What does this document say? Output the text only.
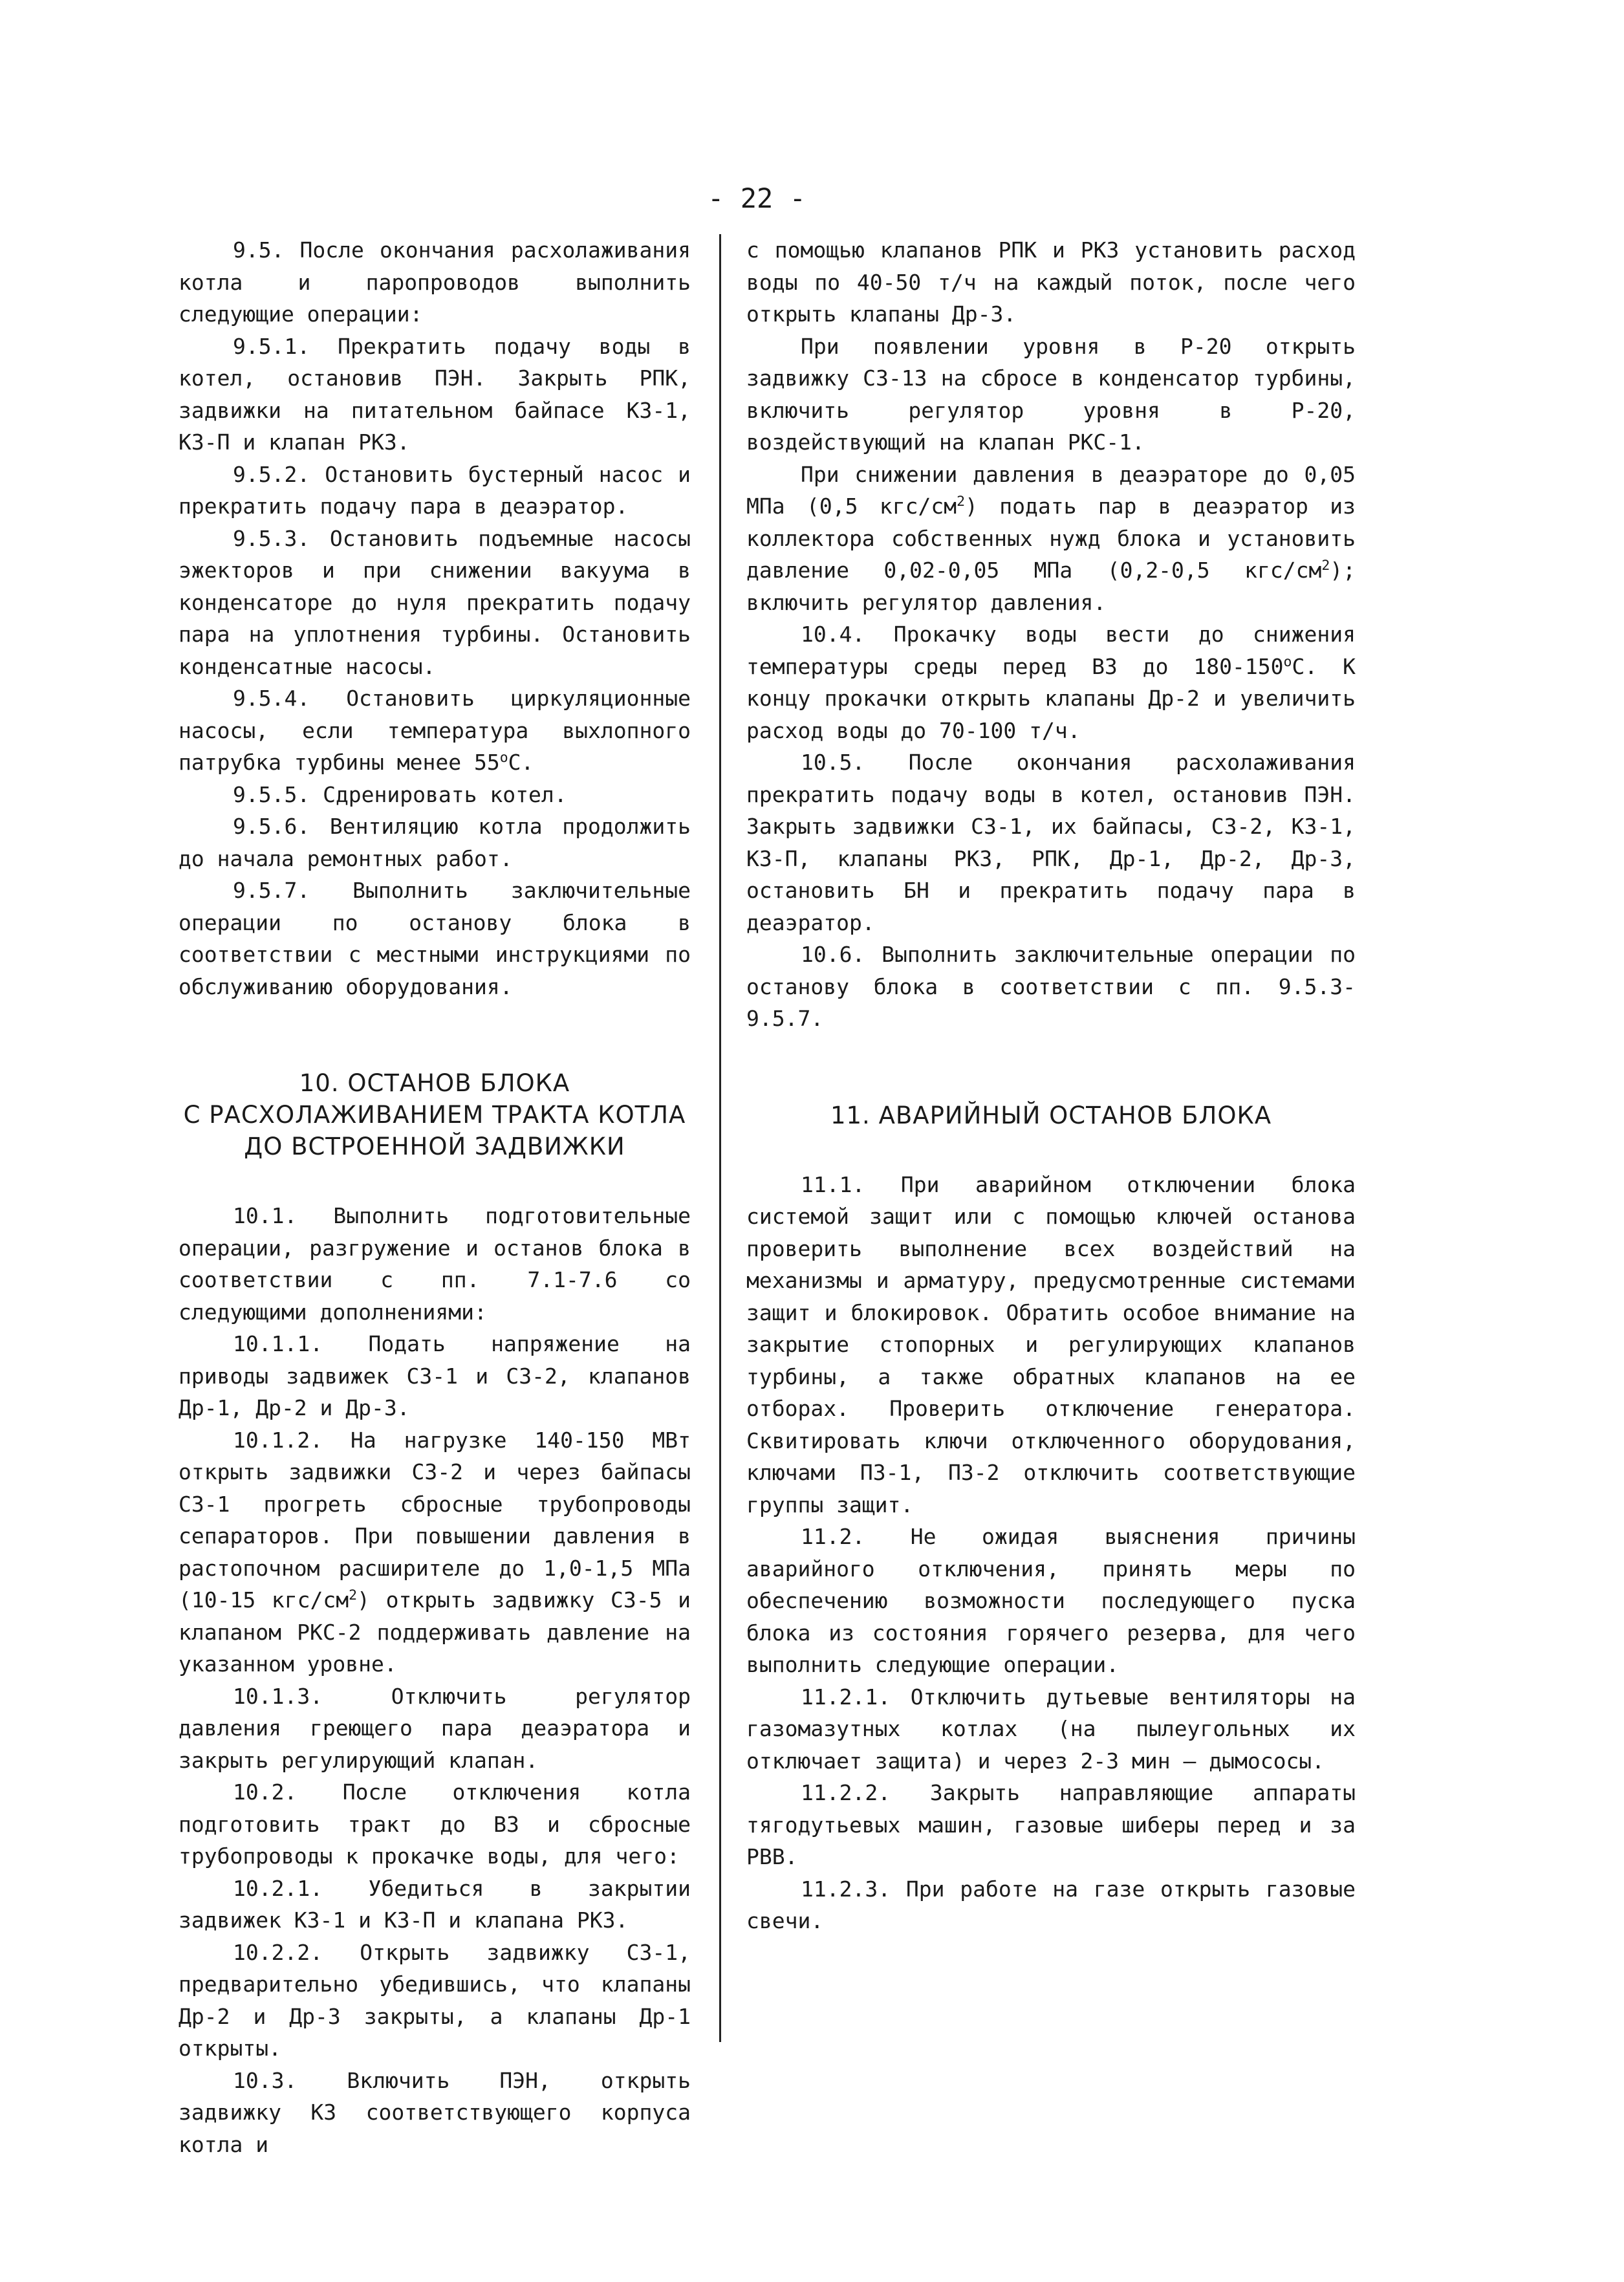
- 22 -

9.5. После окончания расхолаживания котла и паропроводов выполнить следующие операции:

9.5.1. Прекратить подачу воды в котел, остановив ПЭН. Закрыть РПК, задвижки на питательном байпасе КЗ-1, КЗ-П и клапан РКЗ.

9.5.2. Остановить бустерный насос и прекратить подачу пара в деаэратор.

9.5.3. Остановить подъемные насосы эжекторов и при снижении вакуума в конденсаторе до нуля прекратить подачу пара на уплотнения турбины. Остановить конденсатные насосы.

9.5.4. Остановить циркуляционные насосы, если температура выхлопного патрубка турбины менее $55^оС$.

9.5.5. Сдренировать котел.

9.5.6. Вентиляцию котла продолжить до начала ремонтных работ.

9.5.7. Выполнить заключительные операции по останову блока в соответствии с местными инструкциями по обслуживанию оборудования.

10. ОСТАНОВ БЛОКА
С РАСХОЛАЖИВАНИЕМ ТРАКТА КОТЛА
ДО ВСТРОЕННОЙ ЗАДВИЖКИ

10.1. Выполнить подготовительные операции, разгружение и останов блока в соответствии с пп. 7.1-7.6 со следующими дополнениями:

10.1.1. Подать напряжение на приводы задвижек СЗ-1 и СЗ-2, клапанов Др-1, Др-2 и Др-3.

10.1.2. На нагрузке 140-150 МВт открыть задвижки СЗ-2 и через байпасы СЗ-1 прогреть сбросные трубопроводы сепараторов. При повышении давления в растопочном расширителе до 1,0-1,5 МПа (10-15 кгс/$см^2$) открыть задвижку СЗ-5 и клапаном РКС-2 поддерживать давление на указанном уровне.

10.1.3. Отключить регулятор давления греющего пара деаэратора и закрыть регулирующий клапан.

10.2. После отключения котла подготовить тракт до ВЗ и сбросные трубопроводы к прокачке воды, для чего:

10.2.1. Убедиться в закрытии задвижек КЗ-1 и КЗ-П и клапана РКЗ.

10.2.2. Открыть задвижку СЗ-1, предварительно убедившись, что клапаны Др-2 и Др-3 закрыты, а клапаны Др-1 открыты.

10.3. Включить ПЭН, открыть задвижку КЗ соответствующего корпуса котла и

с помощью клапанов РПК и РКЗ установить расход воды по 40-50 т/ч на каждый поток, после чего открыть клапаны Др-3.

При появлении уровня в Р-20 открыть задвижку СЗ-13 на сбросе в конденсатор турбины, включить регулятор уровня в Р-20, воздействующий на клапан РКС-1.

При снижении давления в деаэраторе до 0,05 МПа (0,5 кгс/$см^2$) подать пар в деаэратор из коллектора собственных нужд блока и установить давление 0,02-0,05 МПа (0,2-0,5 кгс/$см^2$); включить регулятор давления.

10.4. Прокачку воды вести до снижения температуры среды перед ВЗ до $180-150^оС$. К концу прокачки открыть клапаны Др-2 и увеличить расход воды до 70-100 т/ч.

10.5. После окончания расхолаживания прекратить подачу воды в котел, остановив ПЭН. Закрыть задвижки СЗ-1, их байпасы, СЗ-2, КЗ-1, КЗ-П, клапаны РКЗ, РПК, Др-1, Др-2, Др-3, остановить БН и прекратить подачу пара в деаэратор.

10.6. Выполнить заключительные операции по останову блока в соответствии с пп. 9.5.3-9.5.7.

11. АВАРИЙНЫЙ ОСТАНОВ БЛОКА

11.1. При аварийном отключении блока системой защит или с помощью ключей останова проверить выполнение всех воздействий на механизмы и арматуру, предусмотренные системами защит и блокировок. Обратить особое внимание на закрытие стопорных и регулирующих клапанов турбины, а также обратных клапанов на ее отборах. Проверить отключение генератора. Сквитировать ключи отключенного оборудования, ключами ПЗ-1, ПЗ-2 отключить соответствующие группы защит.

11.2. Не ожидая выяснения причины аварийного отключения, принять меры по обеспечению возможности последующего пуска блока из состояния горячего резерва, для чего выполнить следующие операции.

11.2.1. Отключить дутьевые вентиляторы на газомазутных котлах (на пылеугольных их отключает защита) и через 2-3 мин — дымососы.

11.2.2. Закрыть направляющие аппараты тягодутьевых машин, газовые шиберы перед и за РВВ.

11.2.3. При работе на газе открыть газовые свечи.
